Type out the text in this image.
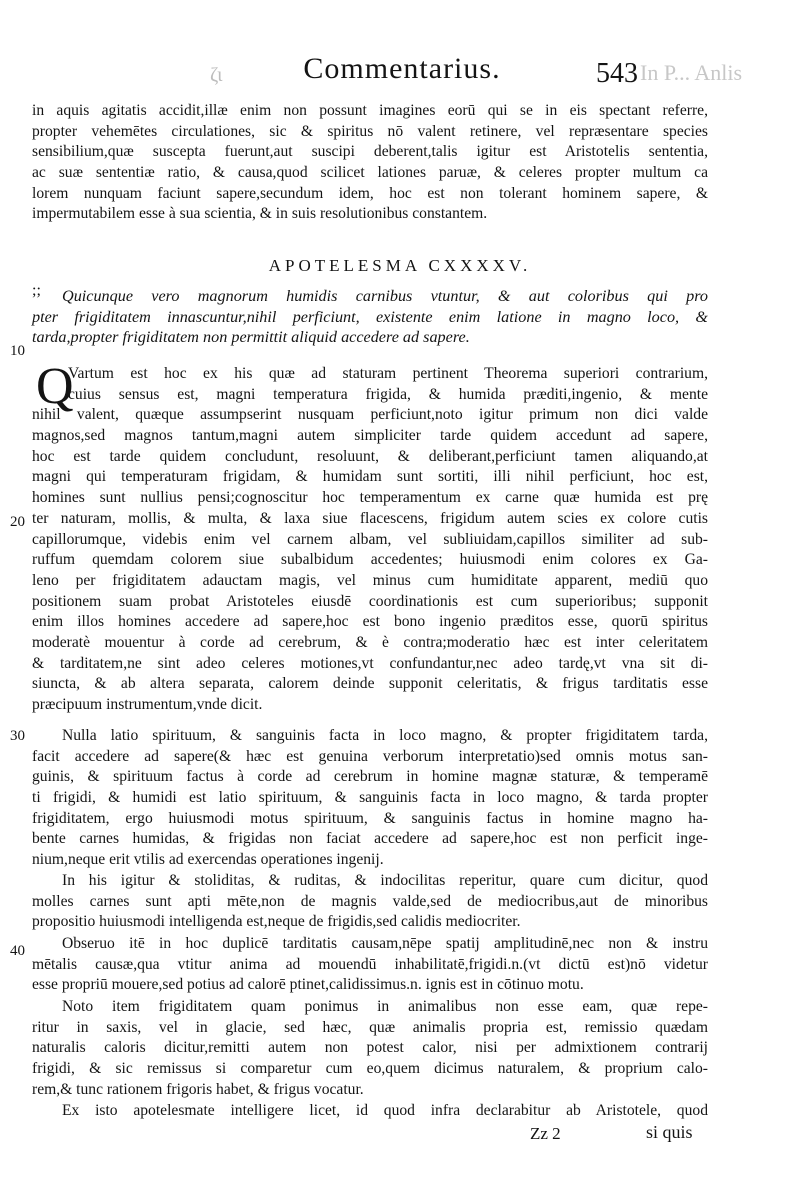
ζι	Commentarius.	543 In P... Anlis
in aquis agitatis accidit,illæ enim non possunt imagines eorū qui se in eis spectant referre,
propter vehemētes circulationes, sic & spiritus nō valent retinere, vel repræsentare species
sensibilium,quæ suscepta fuerunt,aut suscipi deberent,talis igitur est Aristotelis sententia,
ac suæ sententiæ ratio, & causa,quod scilicet lationes paruæ, & celeres propter multum ca
lorem nunquam faciunt sapere,secundum idem, hoc est non tolerant hominem sapere, &
impermutabilem esse à sua scientia, & in suis resolutionibus constantem.
APOTELESMA CXXXXV.
;;	Quicunque vero magnorum humidis carnibus vtuntur, & aut coloribus qui pro
pter frigiditatem innascuntur,nihil perficiunt, existente enim latione in magno loco, &
tarda,propter frigiditatem non permittit aliquid accedere ad sapere.
10
20
30
40
Q
Vartum est hoc ex his quæ ad staturam pertinent Theorema superiori contrarium,
cuius sensus est, magni temperatura frigida, & humida præditi,ingenio, & mente
nihil valent, quæque assumpserint nusquam perficiunt,noto igitur primum non dici valde
magnos,sed magnos tantum,magni autem simpliciter tarde quidem accedunt ad sapere,
hoc est tarde quidem concludunt, resoluunt, & deliberant,perficiunt tamen aliquando,at
magni qui temperaturam frigidam, & humidam sunt sortiti, illi nihil perficiunt, hoc est,
homines sunt nullius pensi;cognoscitur hoc temperamentum ex carne quæ humida est prę
ter naturam, mollis, & multa, & laxa siue flacescens, frigidum autem scies ex colore cutis
capillorumque, videbis enim vel carnem albam, vel subliuidam,capillos similiter ad sub-
ruffum quemdam colorem siue subalbidum accedentes; huiusmodi enim colores ex Ga-
leno per frigiditatem adauctam magis, vel minus cum humiditate apparent, mediū quo
positionem suam probat Aristoteles eiusdē coordinationis est cum superioribus; supponit
enim illos homines accedere ad sapere,hoc est bono ingenio præditos esse, quorū spiritus
moderatè mouentur à corde ad cerebrum, & è contra;moderatio hæc est inter celeritatem
& tarditatem,ne sint adeo celeres motiones,vt confundantur,nec adeo tardę,vt vna sit di-
siuncta, & ab altera separata, calorem deinde supponit celeritatis, & frigus tarditatis esse
præcipuum instrumentum,vnde dicit.
Nulla latio spirituum, & sanguinis facta in loco magno, & propter frigiditatem tarda,
facit accedere ad sapere(& hæc est genuina verborum interpretatio)sed omnis motus san-
guinis, & spirituum factus à corde ad cerebrum in homine magnæ staturæ, & temperamē
ti frigidi, & humidi est latio spirituum, & sanguinis facta in loco magno, & tarda propter
frigiditatem, ergo huiusmodi motus spirituum, & sanguinis factus in homine magno ha-
bente carnes humidas, & frigidas non faciat accedere ad sapere,hoc est non perficit inge-
nium,neque erit vtilis ad exercendas operationes ingenij.
In his igitur & stoliditas, & ruditas, & indocilitas reperitur, quare cum dicitur, quod
molles carnes sunt apti mēte,non de magnis valde,sed de mediocribus,aut de minoribus
propositio huiusmodi intelligenda est,neque de frigidis,sed calidis mediocriter.
Obseruo itē in hoc duplicē tarditatis causam,nēpe spatij amplitudinē,nec non & instru
mētalis causæ,qua vtitur anima ad mouendū inhabilitatē,frigidi.n.(vt dictū est)nō videtur
esse propriū mouere,sed potius ad calorē ptinet,calidissimus.n. ignis est in cōtinuo motu.
Noto item frigiditatem quam ponimus in animalibus non esse eam, quæ repe-
ritur in saxis, vel in glacie, sed hæc, quæ animalis propria est, remissio quædam
naturalis caloris dicitur,remitti autem non potest calor, nisi per admixtionem contrarij
frigidi, & sic remissus si comparetur cum eo,quem dicimus naturalem, & proprium calo-
rem,& tunc rationem frigoris habet, & frigus vocatur.
Ex isto apotelesmate intelligere licet, id quod infra declarabitur ab Aristotele, quod
Zz 2	si quis
